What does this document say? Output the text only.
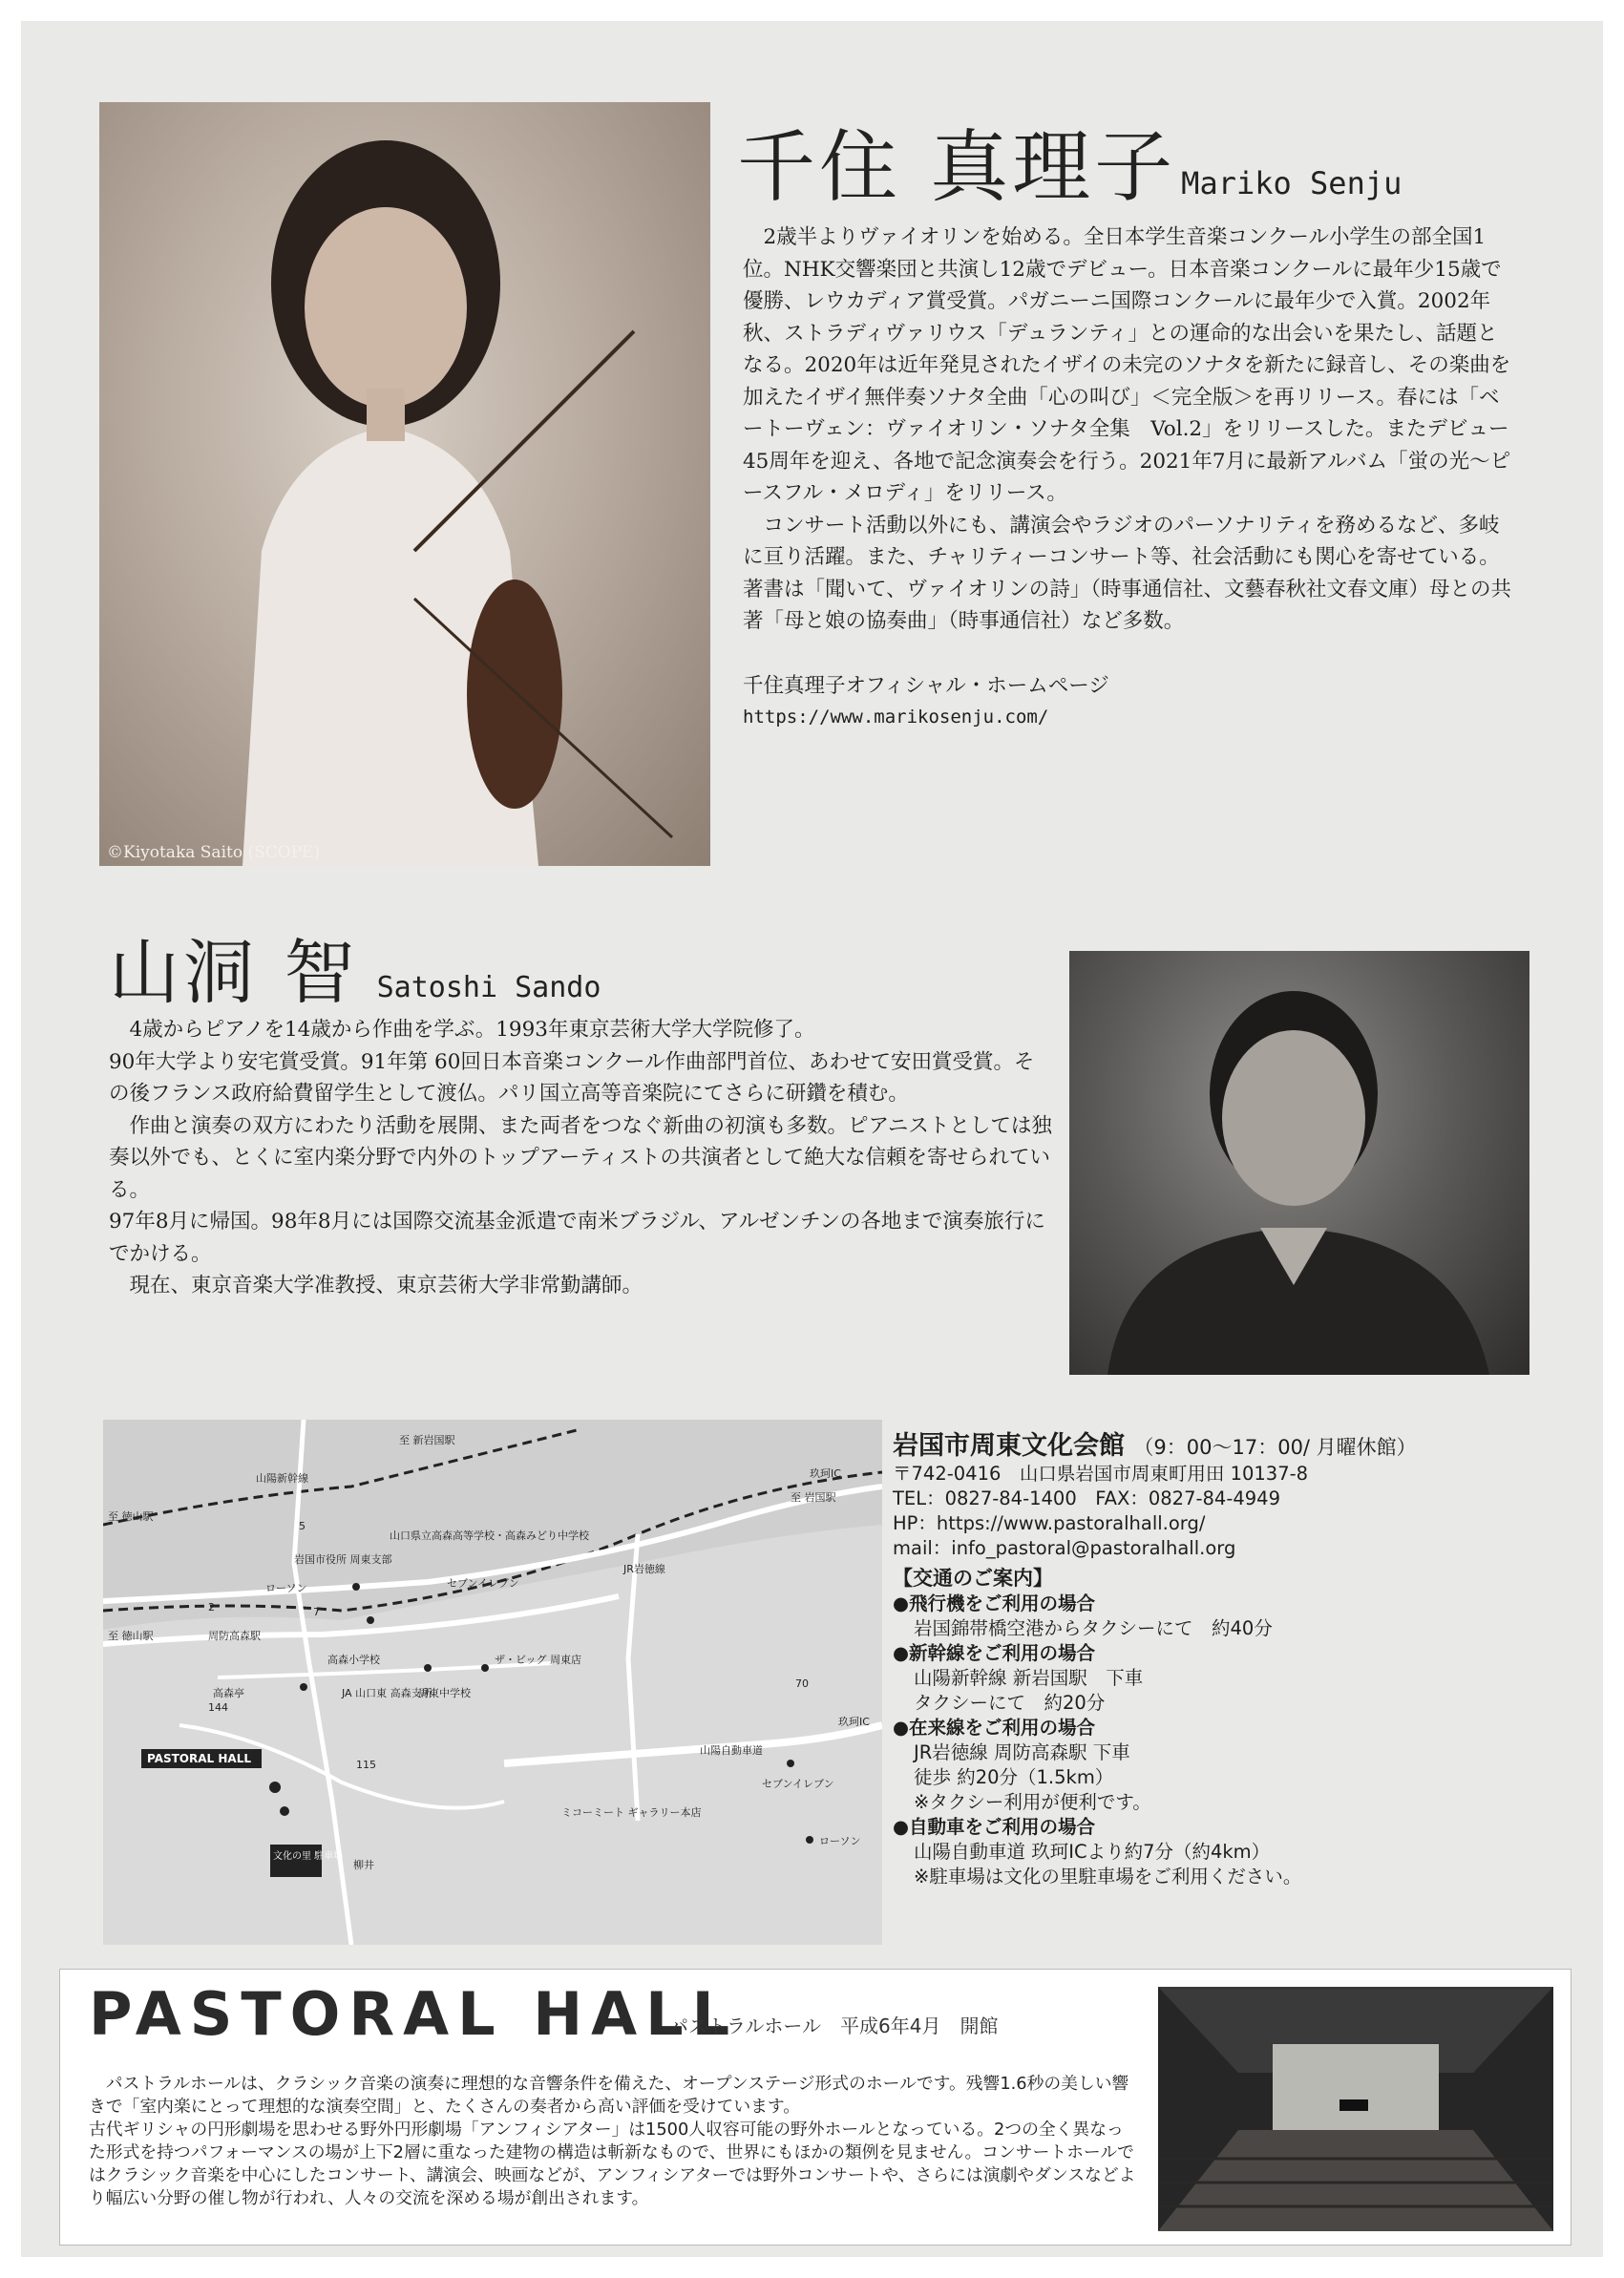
©Kiyotaka Saito (SCOPE)
千住 真理子 Mariko Senju

2歳半よりヴァイオリンを始める。全日本学生音楽コンクール小学生の部全国1位。NHK交響楽団と共演し12歳でデビュー。日本音楽コンクールに最年少15歳で優勝、レウカディア賞受賞。パガニーニ国際コンクールに最年少で入賞。2002年秋、ストラディヴァリウス「デュランティ」との運命的な出会いを果たし、話題となる。2020年は近年発見されたイザイの未完のソナタを新たに録音し、その楽曲を加えたイザイ無伴奏ソナタ全曲「心の叫び」＜完全版＞を再リリース。春には「ベートーヴェン：ヴァイオリン・ソナタ全集　Vol.2」をリリースした。またデビュー45周年を迎え、各地で記念演奏会を行う。2021年7月に最新アルバム「蛍の光～ピースフル・メロディ」をリリース。

コンサート活動以外にも、講演会やラジオのパーソナリティを務めるなど、多岐に亘り活躍。また、チャリティーコンサート等、社会活動にも関心を寄せている。著書は「聞いて、ヴァイオリンの詩」（時事通信社、文藝春秋社文春文庫）母との共著「母と娘の協奏曲」（時事通信社）など多数。

千住真理子オフィシャル・ホームページ

https://www.marikosenju.com/

山洞 智 Satoshi Sando

4歳からピアノを14歳から作曲を学ぶ。1993年東京芸術大学大学院修了。

90年大学より安宅賞受賞。91年第 60回日本音楽コンクール作曲部門首位、あわせて安田賞受賞。その後フランス政府給費留学生として渡仏。パリ国立高等音楽院にてさらに研鑽を積む。

作曲と演奏の双方にわたり活動を展開、また両者をつなぐ新曲の初演も多数。ピアニストとしては独奏以外でも、とくに室内楽分野で内外のトップアーティストの共演者として絶大な信頼を寄せられている。

97年8月に帰国。98年8月には国際交流基金派遣で南米ブラジル、アルゼンチンの各地まで演奏旅行にでかける。

現在、東京音楽大学准教授、東京芸術大学非常勤講師。

至 新岩国駅
山陽新幹線
至 徳山駅
至 徳山駅
至 岩国駅
玖珂IC
山口県立高森高等学校・高森みどり中学校
岩国市役所 周東支部
ローソン	セブンイレブン
JR岩徳線
周防高森駅
高森小学校
JA 山口東 高森支所
周東中学校
ザ・ビッグ 周東店
高森亭
山陽自動車道
セブンイレブン
玖珂IC
PASTORAL HALL
ミコーミート ギャラリー本店
ローソン
文化の里 駐車場
柳井
2
5
7
70
115
144
岩国市周東文化会館 （9：00～17：00/ 月曜休館）
〒742-0416　山口県岩国市周東町用田 10137-8
TEL：0827-84-1400　FAX：0827-84-4949
HP：https://www.pastoralhall.org/
mail：info_pastoral@pastoralhall.org
【交通のご案内】
●飛行機をご利用の場合
岩国錦帯橋空港からタクシーにて　約40分
●新幹線をご利用の場合
山陽新幹線 新岩国駅　下車
タクシーにて　約20分
●在来線をご利用の場合
JR岩徳線 周防高森駅 下車
徒歩 約20分（1.5km）
※タクシー利用が便利です。
●自動車をご利用の場合
山陽自動車道 玖珂ICより約7分（約4km）
※駐車場は文化の里駐車場をご利用ください。
PASTORAL HALL
パストラルホール　平成6年4月　開館

パストラルホールは、クラシック音楽の演奏に理想的な音響条件を備えた、オープンステージ形式のホールです。残響1.6秒の美しい響きで「室内楽にとって理想的な演奏空間」と、たくさんの奏者から高い評価を受けています。

古代ギリシャの円形劇場を思わせる野外円形劇場「アンフィシアター」は1500人収容可能の野外ホールとなっている。2つの全く異なった形式を持つパフォーマンスの場が上下2層に重なった建物の構造は斬新なもので、世界にもほかの類例を見ません。コンサートホールではクラシック音楽を中心にしたコンサート、講演会、映画などが、アンフィシアターでは野外コンサートや、さらには演劇やダンスなどより幅広い分野の催し物が行われ、人々の交流を深める場が創出されます。
